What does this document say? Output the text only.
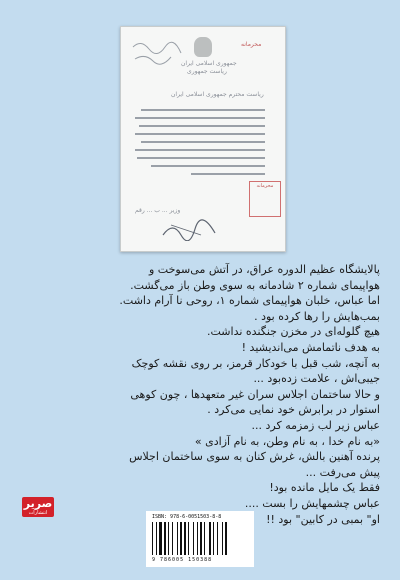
جمهوری اسلامی ایران
ریاست جمهوری
محرمانه
ریاست محترم جمهوری اسلامی ایران
محرمانه
وزیر ... ب ... رقم

پالایشگاه عظیم الدوره عراق، در آتش می‌سوخت و

هواپیمای شماره ۲ شادمانه به سوی وطن باز می‌گشت.

اما عباس، خلبان هواپیمای شماره ۱، روحی نا آرام داشت.

بمب‌هایش را رها کرده بود .

هیچ گلوله‌ای در مخزن جنگنده نداشت.

به هدف ناتمامش می‌اندیشید !

به آنچه، شب قبل با خودکار قرمز، بر روی نقشه کوچک

جیبی‌اش ، علامت زده‌بود ...

و حالا ساختمان اجلاس سران غیر متعهدها ، چون کوهی

استوار در برابرش خود نمایی می‌کرد .

عباس زیر لب زمزمه کرد ...

«به نام خدا ، به نام وطن، به نام آزادی »

پرنده آهنین بالش، غرش کنان به سوی ساختمان اجلاس

پیش می‌رفت ...

فقط یک مایل مانده بود!

عباس چشمهایش را بست ....

او" بمبی در کابین" بود !!

صریر
انتشارات
ISBN: 978-6-0051503-8-8
9 786005 150388
